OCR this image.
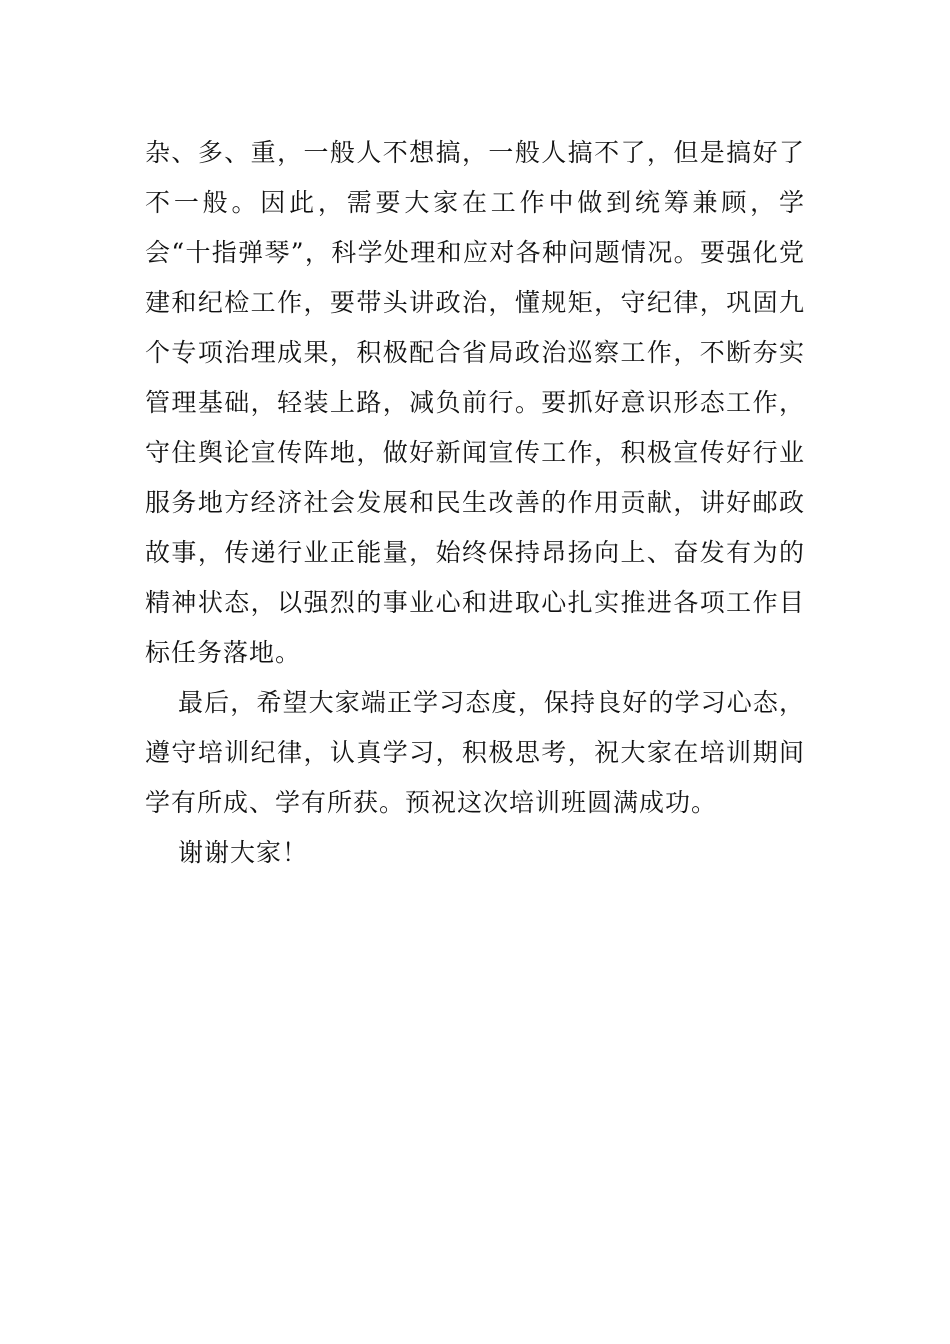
杂、多、重，一般人不想搞，一般人搞不了，但是搞好了不一般。因此，需要大家在工作中做到统筹兼顾，学会“十指弹琴”，科学处理和应对各种问题情况。要强化党建和纪检工作，要带头讲政治，懂规矩，守纪律，巩固九个专项治理成果，积极配合省局政治巡察工作，不断夯实管理基础，轻装上路，减负前行。要抓好意识形态工作，守住舆论宣传阵地，做好新闻宣传工作，积极宣传好行业服务地方经济社会发展和民生改善的作用贡献，讲好邮政故事，传递行业正能量，始终保持昂扬向上、奋发有为的精神状态，以强烈的事业心和进取心扎实推进各项工作目标任务落地。

最后，希望大家端正学习态度，保持良好的学习心态，遵守培训纪律，认真学习，积极思考，祝大家在培训期间学有所成、学有所获。预祝这次培训班圆满成功。

谢谢大家！
